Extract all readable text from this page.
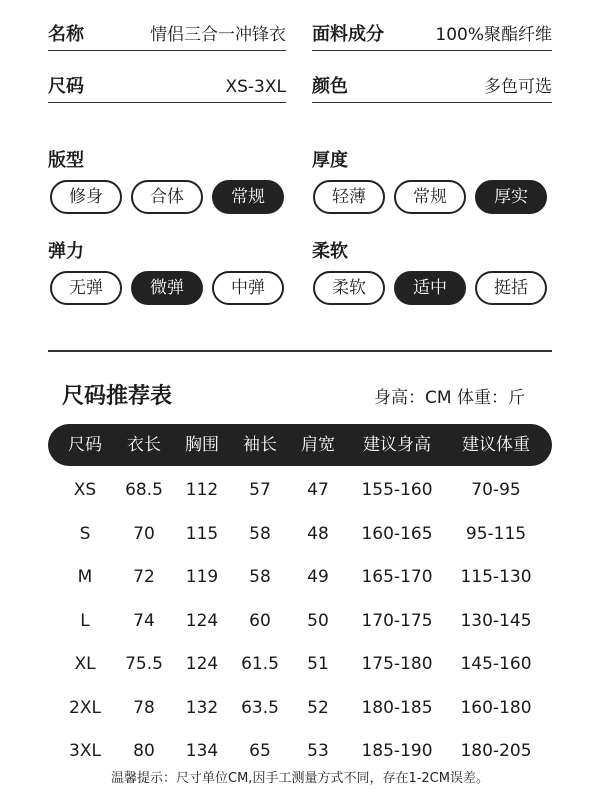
名称	情侣三合一冲锋衣 面料成分	100%聚酯纤维
尺码	XS-3XL 颜色	多色可选
版型
修身	合体	常规
厚度
轻薄	常规	厚实
弹力
无弹	微弹	中弹
柔软
柔软	适中	挺括
尺码推荐表	身高：CM 体重：斤
尺码 衣长 胸围 袖长 肩宽 建议身高 建议体重
XS 68.5 112 57 47 155-160 70-95
S	70 115 58 48 160-165 95-115
M 72 119 58 49 165-170 115-130
L	74 124 60 50 170-175 130-145
XL 75.5 124 61.5 51 175-180 145-160
2XL 78 132 63.5 52 180-185 160-180
3XL 80 134 65 53 185-190 180-205
温馨提示：尺寸单位CM,因手工测量方式不同，存在1-2CM误差。
